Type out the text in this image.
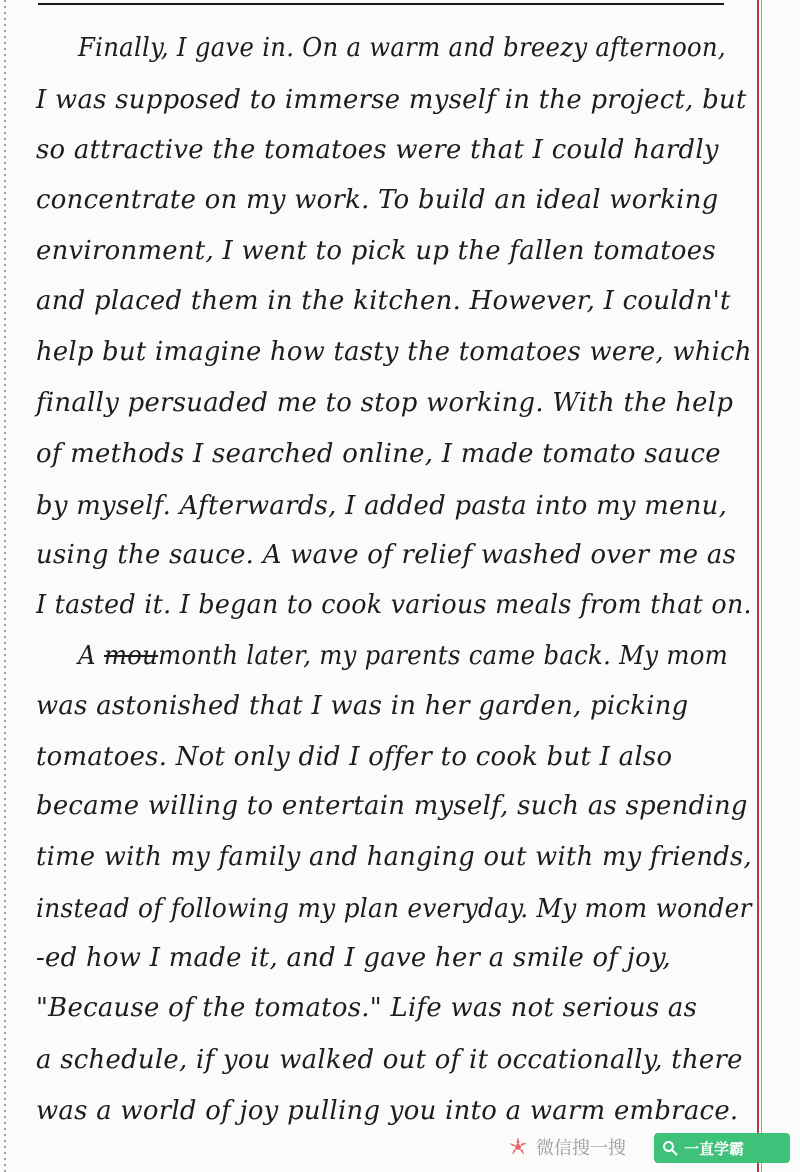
Finally, I gave in. On a warm and breezy afternoon,
I was supposed to immerse myself in the project, but
so attractive the tomatoes were that I could hardly
concentrate on my work. To build an ideal working
environment, I went to pick up the fallen tomatoes
and placed them in the kitchen. However, I couldn't
help but imagine how tasty the tomatoes were, which
finally persuaded me to stop working. With the help
of methods I searched online, I made tomato sauce
by myself. Afterwards, I added pasta into my menu,
using the sauce. A wave of relief washed over me as
I tasted it. I began to cook various meals from that on.
A moumonth later, my parents came back. My mom
was astonished that I was in her garden, picking
tomatoes. Not only did I offer to cook but I also
became willing to entertain myself, such as spending
time with my family and hanging out with my friends,
instead of following my plan everyday. My mom wonder
-ed how I made it, and I gave her a smile of joy,
"Because of the tomatos." Life was not serious as
a schedule, if you walked out of it occationally, there
was a world of joy pulling you into a warm embrace.
微信搜一搜	一直学霸
